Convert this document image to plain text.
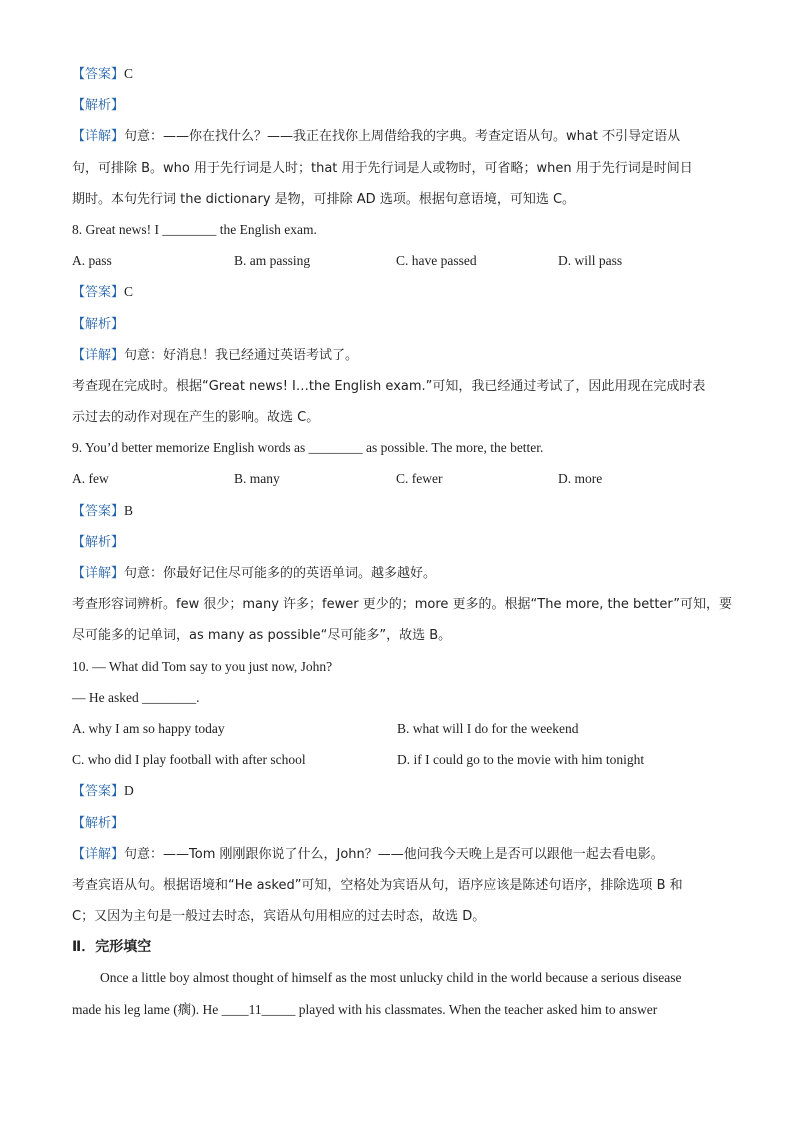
【答案】C
【解析】
【详解】句意：——你在找什么？——我正在找你上周借给我的字典。考查定语从句。what 不引导定语从
句，可排除 B。who 用于先行词是人时；that 用于先行词是人或物时，可省略；when 用于先行词是时间日
期时。本句先行词 the dictionary 是物，可排除 AD 选项。根据句意语境，可知选 C。
8. Great news! I ________ the English exam.
A. pass	B. am passing	C. have passed	D. will pass
【答案】C
【解析】
【详解】句意：好消息！我已经通过英语考试了。
考查现在完成时。根据“Great news! I…the English exam.”可知，我已经通过考试了，因此用现在完成时表
示过去的动作对现在产生的影响。故选 C。
9. You’d better memorize English words as ________ as possible. The more, the better.
A. few	B. many	C. fewer	D. more
【答案】B
【解析】
【详解】句意：你最好记住尽可能多的的英语单词。越多越好。
考查形容词辨析。few 很少；many 许多；fewer 更少的；more 更多的。根据“The more, the better”可知，要
尽可能多的记单词，as many as possible“尽可能多”，故选 B。
10. — What did Tom say to you just now, John?
— He asked ________.
A. why I am so happy today	B. what will I do for the weekend
C. who did I play football with after school	D. if I could go to the movie with him tonight
【答案】D
【解析】
【详解】句意：——Tom 刚刚跟你说了什么，John？——他问我今天晚上是否可以跟他一起去看电影。
考查宾语从句。根据语境和“He asked”可知，空格处为宾语从句，语序应该是陈述句语序，排除选项 B 和
C；又因为主句是一般过去时态，宾语从句用相应的过去时态，故选 D。
Ⅱ．完形填空
Once a little boy almost thought of himself as the most unlucky child in the world because a serious disease
made his leg lame (瘸). He ____11_____ played with his classmates. When the teacher asked him to answer
